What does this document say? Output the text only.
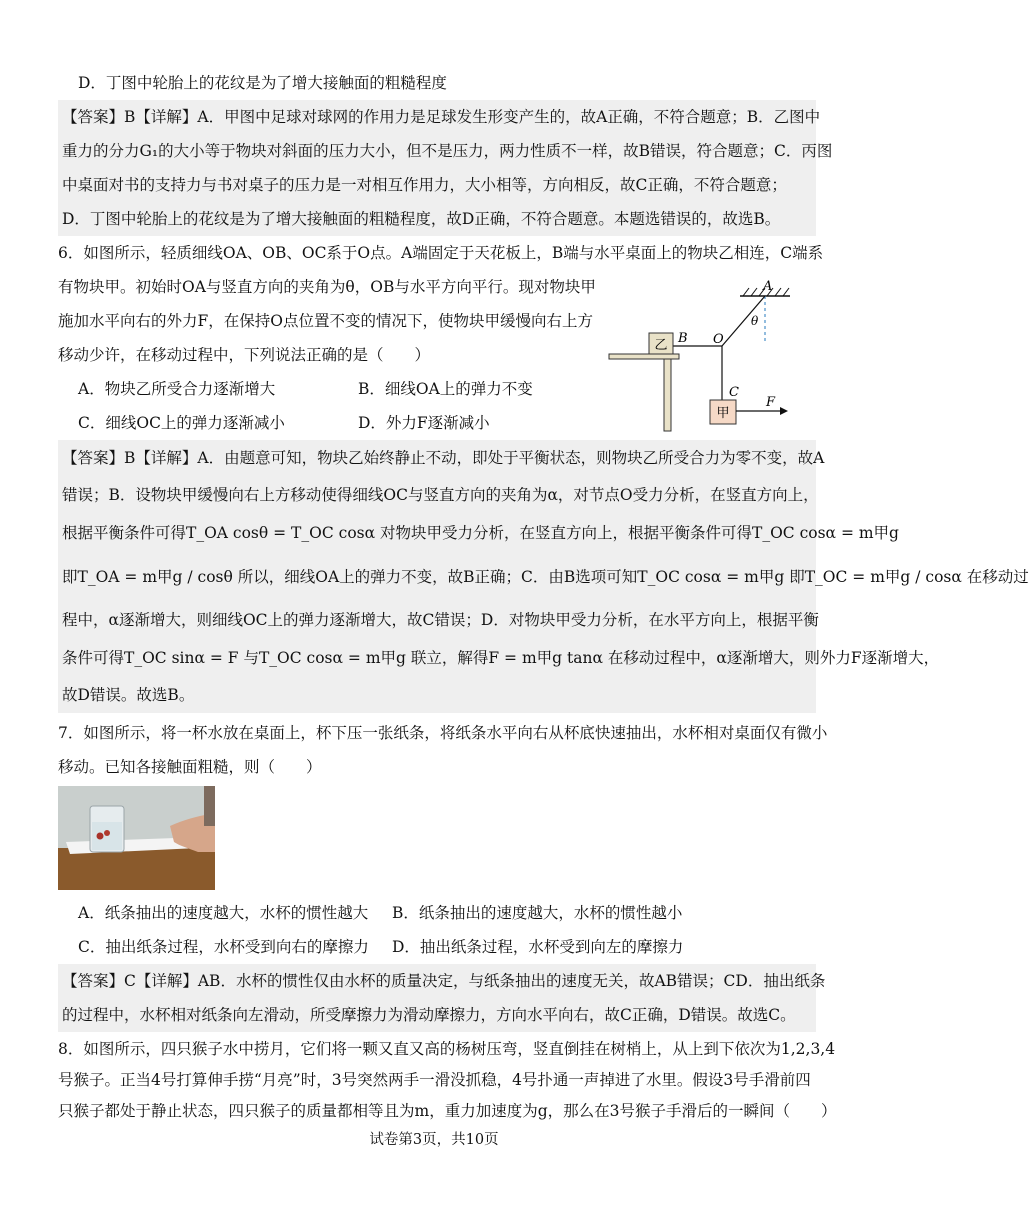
D．丁图中轮胎上的花纹是为了增大接触面的粗糙程度
【答案】B【详解】A．甲图中足球对球网的作用力是足球发生形变产生的，故A正确，不符合题意；B．乙图中
重力的分力G₁的大小等于物块对斜面的压力大小，但不是压力，两力性质不一样，故B错误，符合题意；C．丙图
中桌面对书的支持力与书对桌子的压力是一对相互作用力，大小相等，方向相反，故C正确，不符合题意；
D．丁图中轮胎上的花纹是为了增大接触面的粗糙程度，故D正确，不符合题意。本题选错误的，故选B。
6．如图所示，轻质细线OA、OB、OC系于O点。A端固定于天花板上，B端与水平桌面上的物块乙相连，C端系
有物块甲。初始时OA与竖直方向的夹角为θ，OB与水平方向平行。现对物块甲
施加水平向右的外力F，在保持O点位置不变的情况下，使物块甲缓慢向右上方
移动少许，在移动过程中，下列说法正确的是（　　）
A．物块乙所受合力逐渐增大	B．细线OA上的弹力不变
C．细线OC上的弹力逐渐减小	D．外力F逐渐减小
乙
甲
A
B O
C
F
θ
【答案】B【详解】A．由题意可知，物块乙始终静止不动，即处于平衡状态，则物块乙所受合力为零不变，故A
错误；B．设物块甲缓慢向右上方移动使得细线OC与竖直方向的夹角为α，对节点O受力分析，在竖直方向上，
根据平衡条件可得T_OA cosθ = T_OC cosα 对物块甲受力分析，在竖直方向上，根据平衡条件可得T_OC cosα = m甲g
即T_OA = m甲g / cosθ 所以，细线OA上的弹力不变，故B正确；C．由B选项可知T_OC cosα = m甲g 即T_OC = m甲g / cosα 在移动过
程中，α逐渐增大，则细线OC上的弹力逐渐增大，故C错误；D．对物块甲受力分析，在水平方向上，根据平衡
条件可得T_OC sinα = F 与T_OC cosα = m甲g 联立，解得F = m甲g tanα 在移动过程中，α逐渐增大，则外力F逐渐增大，
故D错误。故选B。
7．如图所示，将一杯水放在桌面上，杯下压一张纸条，将纸条水平向右从杯底快速抽出，水杯相对桌面仅有微小
移动。已知各接触面粗糙，则（　　）
A．纸条抽出的速度越大，水杯的惯性越大 B．纸条抽出的速度越大，水杯的惯性越小
C．抽出纸条过程，水杯受到向右的摩擦力 D．抽出纸条过程，水杯受到向左的摩擦力
【答案】C【详解】AB．水杯的惯性仅由水杯的质量决定，与纸条抽出的速度无关，故AB错误；CD．抽出纸条
的过程中，水杯相对纸条向左滑动，所受摩擦力为滑动摩擦力，方向水平向右，故C正确，D错误。故选C。
8．如图所示，四只猴子水中捞月，它们将一颗又直又高的杨树压弯，竖直倒挂在树梢上，从上到下依次为1,2,3,4
号猴子。正当4号打算伸手捞“月亮”时，3号突然两手一滑没抓稳，4号扑通一声掉进了水里。假设3号手滑前四
只猴子都处于静止状态，四只猴子的质量都相等且为m，重力加速度为g，那么在3号猴子手滑后的一瞬间（　　）
试卷第3页，共10页
